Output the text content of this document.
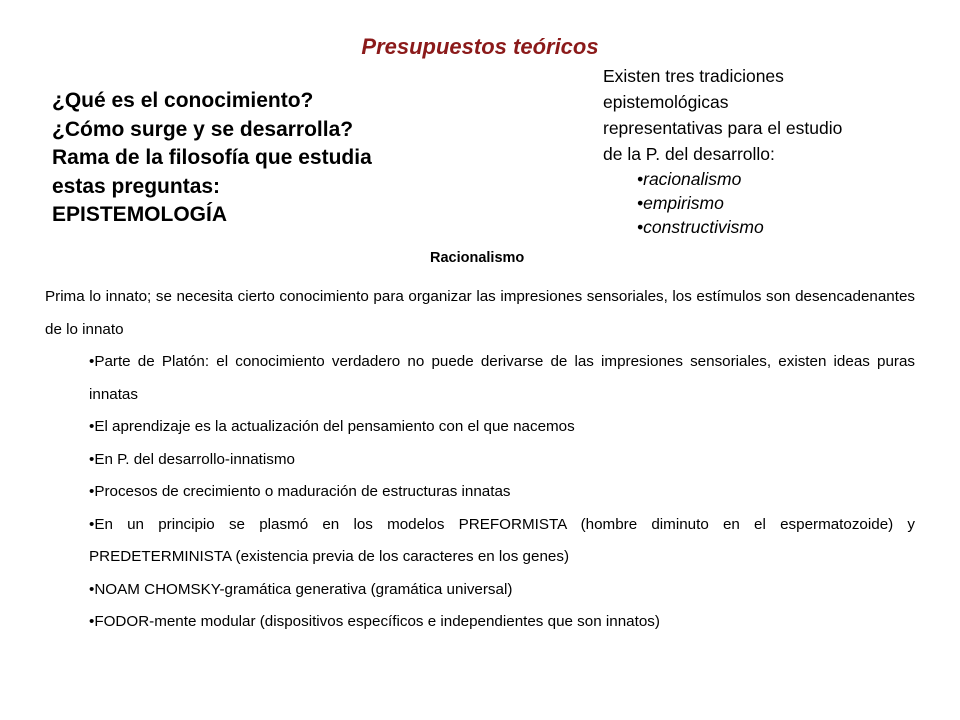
Presupuestos teóricos
¿Qué es el conocimiento?
¿Cómo surge y se desarrolla?
Rama de la filosofía que estudia
estas preguntas:
EPISTEMOLOGÍA
Existen tres tradiciones epistemológicas representativas para el estudio de la P. del desarrollo:
•racionalismo
•empirismo
•constructivismo
Racionalismo

Prima lo innato; se necesita cierto conocimiento para organizar las impresiones sensoriales, los estímulos son desencadenantes de lo innato

•Parte de Platón: el conocimiento verdadero no puede derivarse de las impresiones sensoriales, existen ideas puras innatas

•El aprendizaje es la actualización del pensamiento con el que nacemos

•En P. del desarrollo-innatismo

•Procesos de crecimiento o maduración de estructuras innatas

•En un principio se plasmó en los modelos PREFORMISTA (hombre diminuto en el espermatozoide) y PREDETERMINISTA (existencia previa de los caracteres en los genes)

•NOAM CHOMSKY-gramática generativa (gramática universal)

•FODOR-mente modular (dispositivos específicos e independientes que son innatos)
